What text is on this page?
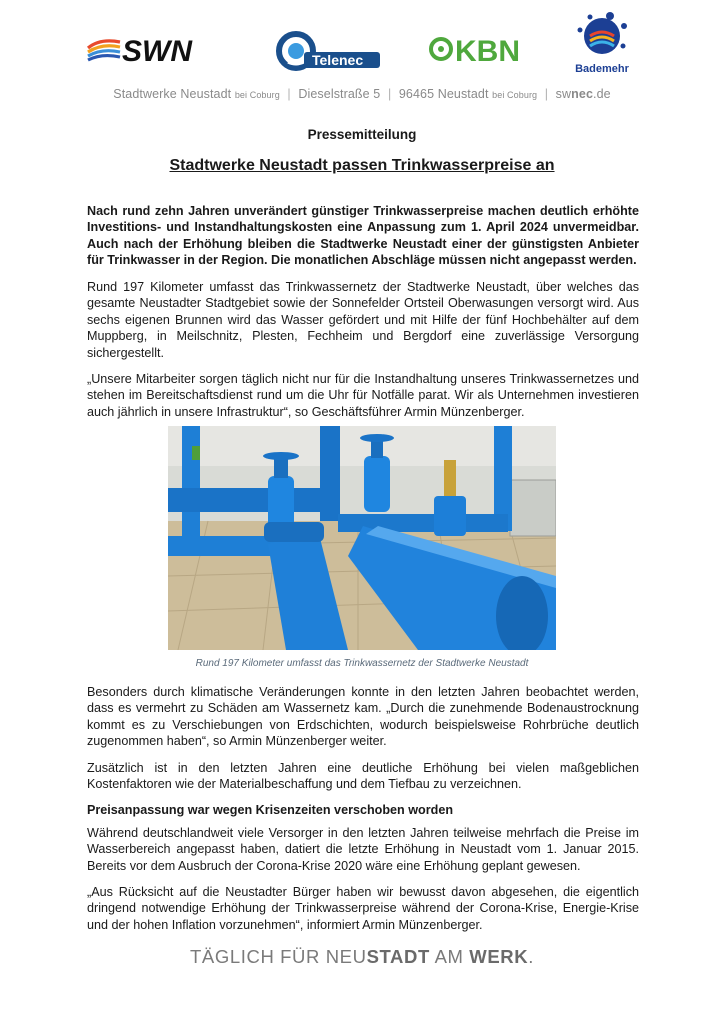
SWN	Telenec	KBN
Bademehr
Stadtwerke Neustadt bei Coburg | Dieselstraße 5 | 96465 Neustadt bei Coburg | swnec.de
Pressemitteilung
Stadtwerke Neustadt passen Trinkwasserpreise an

Nach rund zehn Jahren unverändert günstiger Trinkwasserpreise machen deutlich erhöhte Investitions- und Instandhaltungskosten eine Anpassung zum 1. April 2024 unvermeidbar. Auch nach der Erhöhung bleiben die Stadtwerke Neustadt einer der günstigsten Anbieter für Trinkwasser in der Region. Die monatlichen Abschläge müssen nicht angepasst werden.

Rund 197 Kilometer umfasst das Trinkwassernetz der Stadtwerke Neustadt, über welches das gesamte Neustadter Stadtgebiet sowie der Sonnefelder Ortsteil Oberwasungen versorgt wird. Aus sechs eigenen Brunnen wird das Wasser gefördert und mit Hilfe der fünf Hochbehälter auf dem Muppberg, in Meilschnitz, Plesten, Fechheim und Bergdorf eine zuverlässige Versorgung sichergestellt.

„Unsere Mitarbeiter sorgen täglich nicht nur für die Instandhaltung unseres Trinkwassernetzes und stehen im Bereitschaftsdienst rund um die Uhr für Notfälle parat. Wir als Unternehmen investieren auch jährlich in unsere Infrastruktur“, so Geschäftsführer Armin Münzenberger.

Rund 197 Kilometer umfasst das Trinkwassernetz der Stadtwerke Neustadt

Besonders durch klimatische Veränderungen konnte in den letzten Jahren beobachtet werden, dass es vermehrt zu Schäden am Wassernetz kam. „Durch die zunehmende Bodenaustrocknung kommt es zu Verschiebungen von Erdschichten, wodurch beispielsweise Rohrbrüche deutlich zugenommen haben“, so Armin Münzenberger weiter.

Zusätzlich ist in den letzten Jahren eine deutliche Erhöhung bei vielen maßgeblichen Kostenfaktoren wie der Materialbeschaffung und dem Tiefbau zu verzeichnen.

Preisanpassung war wegen Krisenzeiten verschoben worden

Während deutschlandweit viele Versorger in den letzten Jahren teilweise mehrfach die Preise im Wasserbereich angepasst haben, datiert die letzte Erhöhung in Neustadt vom 1. Januar 2015. Bereits vor dem Ausbruch der Corona-Krise 2020 wäre eine Erhöhung geplant gewesen.

„Aus Rücksicht auf die Neustadter Bürger haben wir bewusst davon abgesehen, die eigentlich dringend notwendige Erhöhung der Trinkwasserpreise während der Corona-Krise, Energie-Krise und der hohen Inflation vorzunehmen“, informiert Armin Münzenberger.

TÄGLICH FÜR NEUSTADT AM WERK.
